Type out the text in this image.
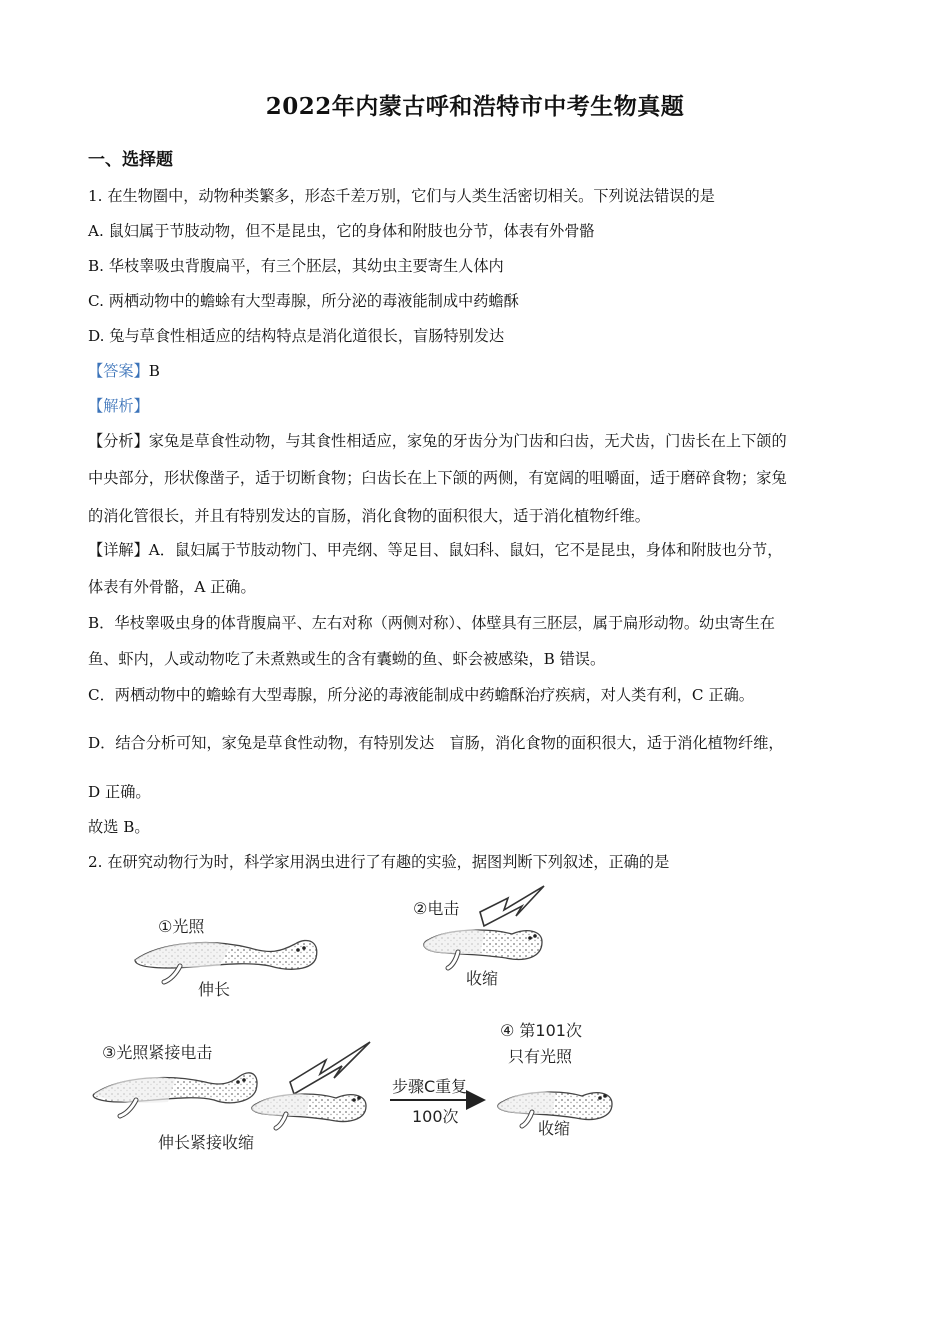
2022年内蒙古呼和浩特市中考生物真题
一、选择题
1. 在生物圈中，动物种类繁多，形态千差万别，它们与人类生活密切相关。下列说法错误的是
A. 鼠妇属于节肢动物，但不是昆虫，它的身体和附肢也分节，体表有外骨骼
B. 华枝睾吸虫背腹扁平，有三个胚层，其幼虫主要寄生人体内
C. 两栖动物中的蟾蜍有大型毒腺，所分泌的毒液能制成中药蟾酥
D. 兔与草食性相适应的结构特点是消化道很长，盲肠特别发达
【答案】B
【解析】
【分析】家兔是草食性动物，与其食性相适应，家兔的牙齿分为门齿和臼齿，无犬齿，门齿长在上下颌的
中央部分，形状像凿子，适于切断食物；臼齿长在上下颌的两侧，有宽阔的咀嚼面，适于磨碎食物；家兔
的消化管很长，并且有特别发达的盲肠，消化食物的面积很大，适于消化植物纤维。
【详解】A．鼠妇属于节肢动物门、甲壳纲、等足目、鼠妇科、鼠妇，它不是昆虫，身体和附肢也分节，
体表有外骨骼，A 正确。
B．华枝睾吸虫身的体背腹扁平、左右对称（两侧对称）、体壁具有三胚层，属于扁形动物。幼虫寄生在
鱼、虾内，人或动物吃了未煮熟或生的含有囊蚴的鱼、虾会被感染，B 错误。
C．两栖动物中的蟾蜍有大型毒腺，所分泌的毒液能制成中药蟾酥治疗疾病，对人类有利，C 正确。
D．结合分析可知，家兔是草食性动物，有特别发达　盲肠，消化食物的面积很大，适于消化植物纤维，
D 正确。
故选 B。
2. 在研究动物行为时，科学家用涡虫进行了有趣的实验，据图判断下列叙述，正确的是
①光照
伸长
②电击
收缩
③光照紧接电击
伸长紧接收缩
步骤C重复
100次
④ 第101次
只有光照
收缩
